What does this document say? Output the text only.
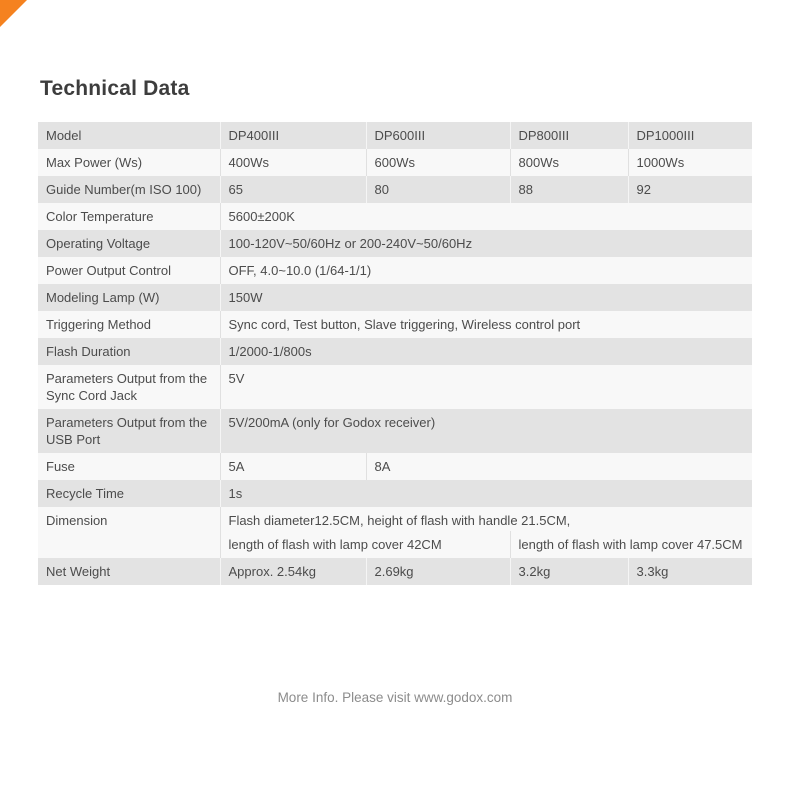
Technical Data
Model	DP400III	DP600III	DP800III	DP1000III
Max Power (Ws)	400Ws	600Ws	800Ws	1000Ws
Guide Number(m ISO 100)	65	80	88	92
Color Temperature	5600±200K			
Operating Voltage	100-120V~50/60Hz or 200-240V~50/60Hz			
Power Output Control	OFF, 4.0~10.0 (1/64-1/1)			
Modeling Lamp (W)	150W			
Triggering Method	Sync cord, Test button, Slave triggering, Wireless control port			
Flash Duration	1/2000-1/800s			
Parameters Output from the Sync Cord Jack	5V			
Parameters Output from the USB Port	5V/200mA (only for Godox receiver)			
Fuse	5A	8A		
Recycle Time	1s			
Dimension	Flash diameter12.5CM, height of flash with handle 21.5CM,			
	length of flash with lamp cover 42CM		length of flash with lamp cover 47.5CM	
Net Weight	Approx. 2.54kg	2.69kg	3.2kg	3.3kg
More Info. Please visit www.godox.com
